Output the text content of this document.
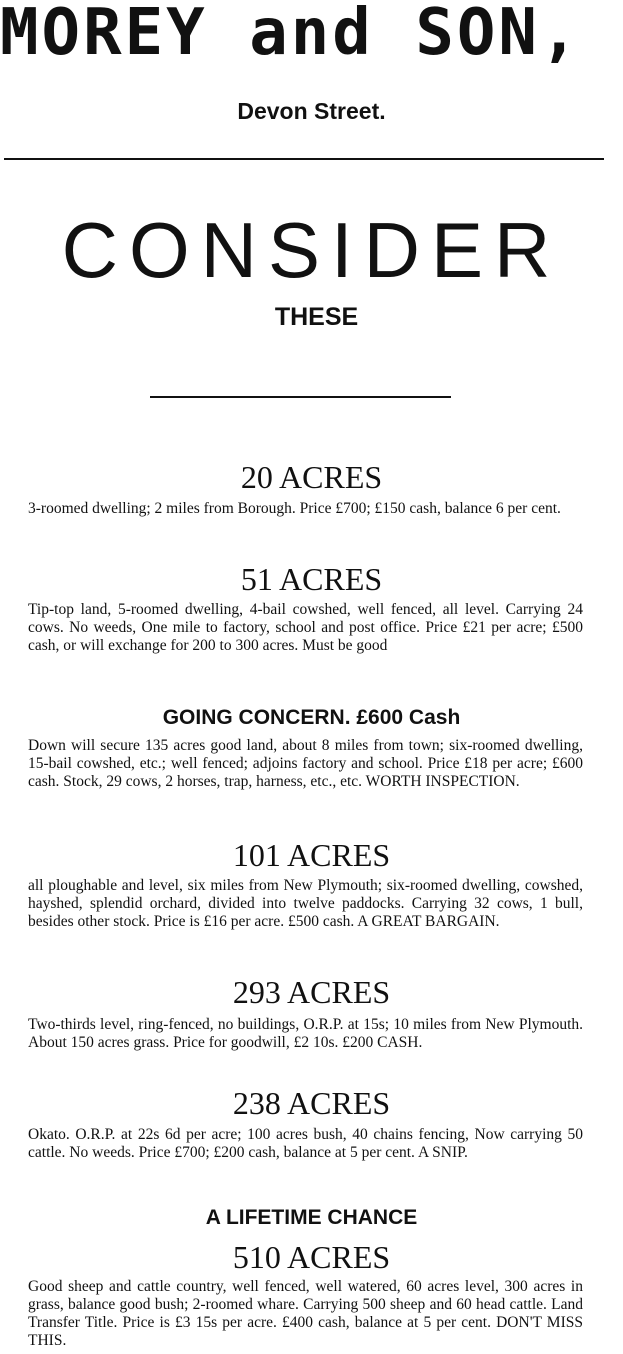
MOREY and SON,
Devon Street.
CONSIDER
THESE
20 ACRES
3-roomed dwelling; 2 miles from Borough. Price £700; £150 cash, balance 6 per cent.
51 ACRES
Tip-top land, 5-roomed dwelling, 4-bail cowshed, well fenced, all level. Carrying 24 cows. No weeds, One mile to factory, school and post office. Price £21 per acre; £500 cash, or will exchange for 200 to 300 acres. Must be good
GOING CONCERN. £600 Cash
Down will secure 135 acres good land, about 8 miles from town; six-roomed dwelling, 15-bail cowshed, etc.; well fenced; adjoins factory and school. Price £18 per acre; £600 cash. Stock, 29 cows, 2 horses, trap, harness, etc., etc. WORTH INSPECTION.
101 ACRES
all ploughable and level, six miles from New Plymouth; six-roomed dwelling, cowshed, hayshed, splendid orchard, divided into twelve paddocks. Carrying 32 cows, 1 bull, besides other stock. Price is £16 per acre. £500 cash. A GREAT BARGAIN.
293 ACRES
Two-thirds level, ring-fenced, no buildings, O.R.P. at 15s; 10 miles from New Plymouth. About 150 acres grass. Price for goodwill, £2 10s. £200 CASH.
238 ACRES
Okato. O.R.P. at 22s 6d per acre; 100 acres bush, 40 chains fencing, Now carrying 50 cattle. No weeds. Price £700; £200 cash, balance at 5 per cent. A SNIP.
A LIFETIME CHANCE
510 ACRES
Good sheep and cattle country, well fenced, well watered, 60 acres level, 300 acres in grass, balance good bush; 2-roomed whare. Carrying 500 sheep and 60 head cattle. Land Transfer Title. Price is £3 15s per acre. £400 cash, balance at 5 per cent. DON'T MISS THIS.
